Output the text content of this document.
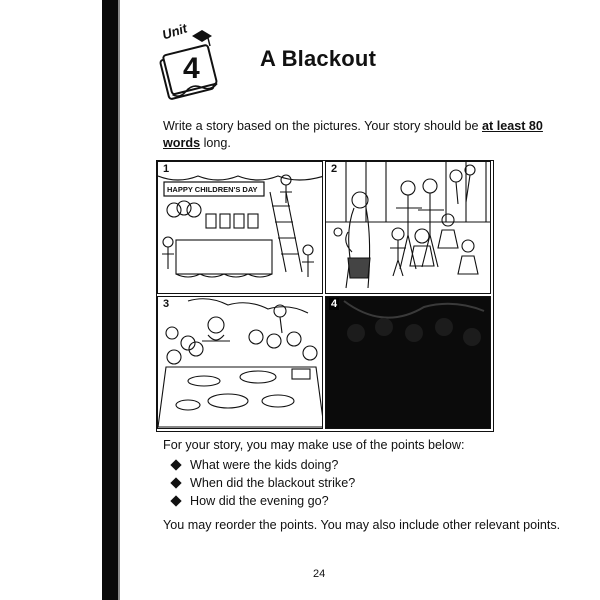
Unit
4	A Blackout
Write a story based on the pictures. Your story should be at least 80 words long.
1
HAPPY CHILDREN'S DAY
2
3	4
For your story, you may make use of the points below:
What were the kids doing?
When did the blackout strike?
How did the evening go?
You may reorder the points. You may also include other relevant points.
24
